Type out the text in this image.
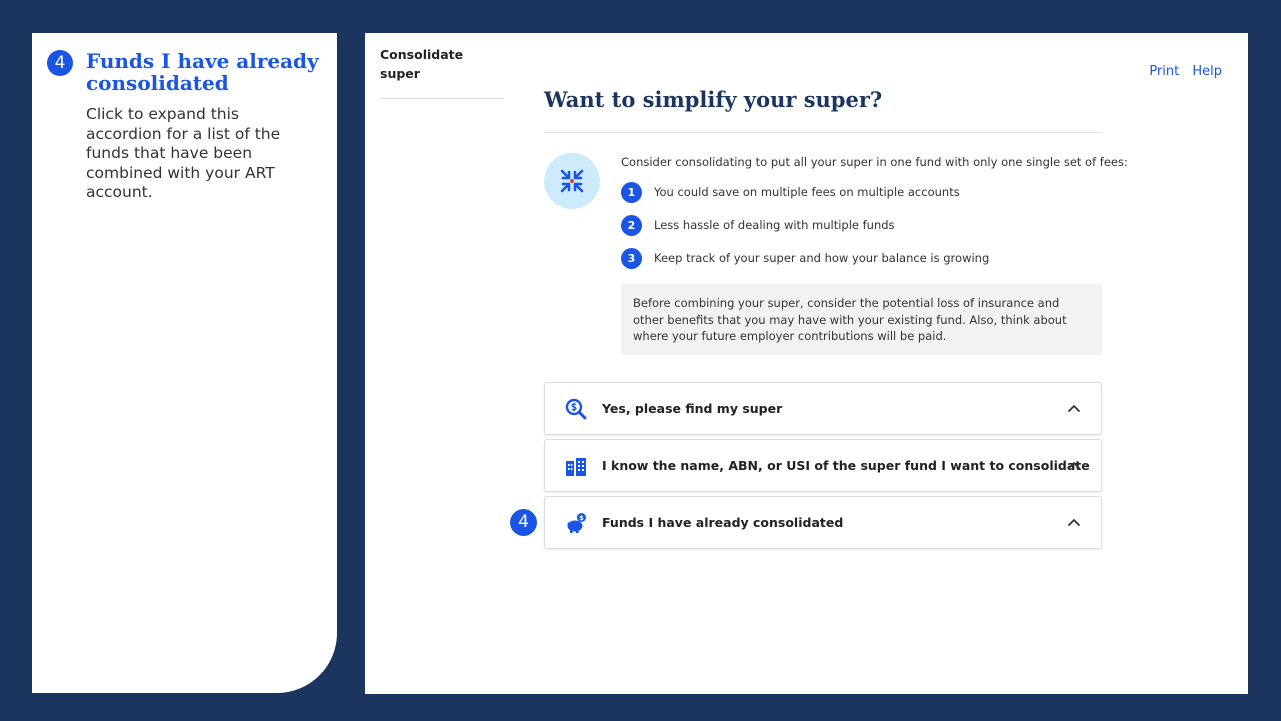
4	Funds I have already consolidated
Click to expand this accordion for a list of the funds that have been combined with your ART account.
Consolidate super	Print Help
Want to simplify your super?
Consider consolidating to put all your super in one fund with only one single set of fees:
1	You could save on multiple fees on multiple accounts
2	Less hassle of dealing with multiple funds
3	Keep track of your super and how your balance is growing
Before combining your super, consider the potential loss of insurance and other benefits that you may have with your existing fund. Also, think about where your future employer contributions will be paid.
Yes, please find my super
I know the name, ABN, or USI of the super fund I want to consolidate
$ Funds I have already consolidated
4
